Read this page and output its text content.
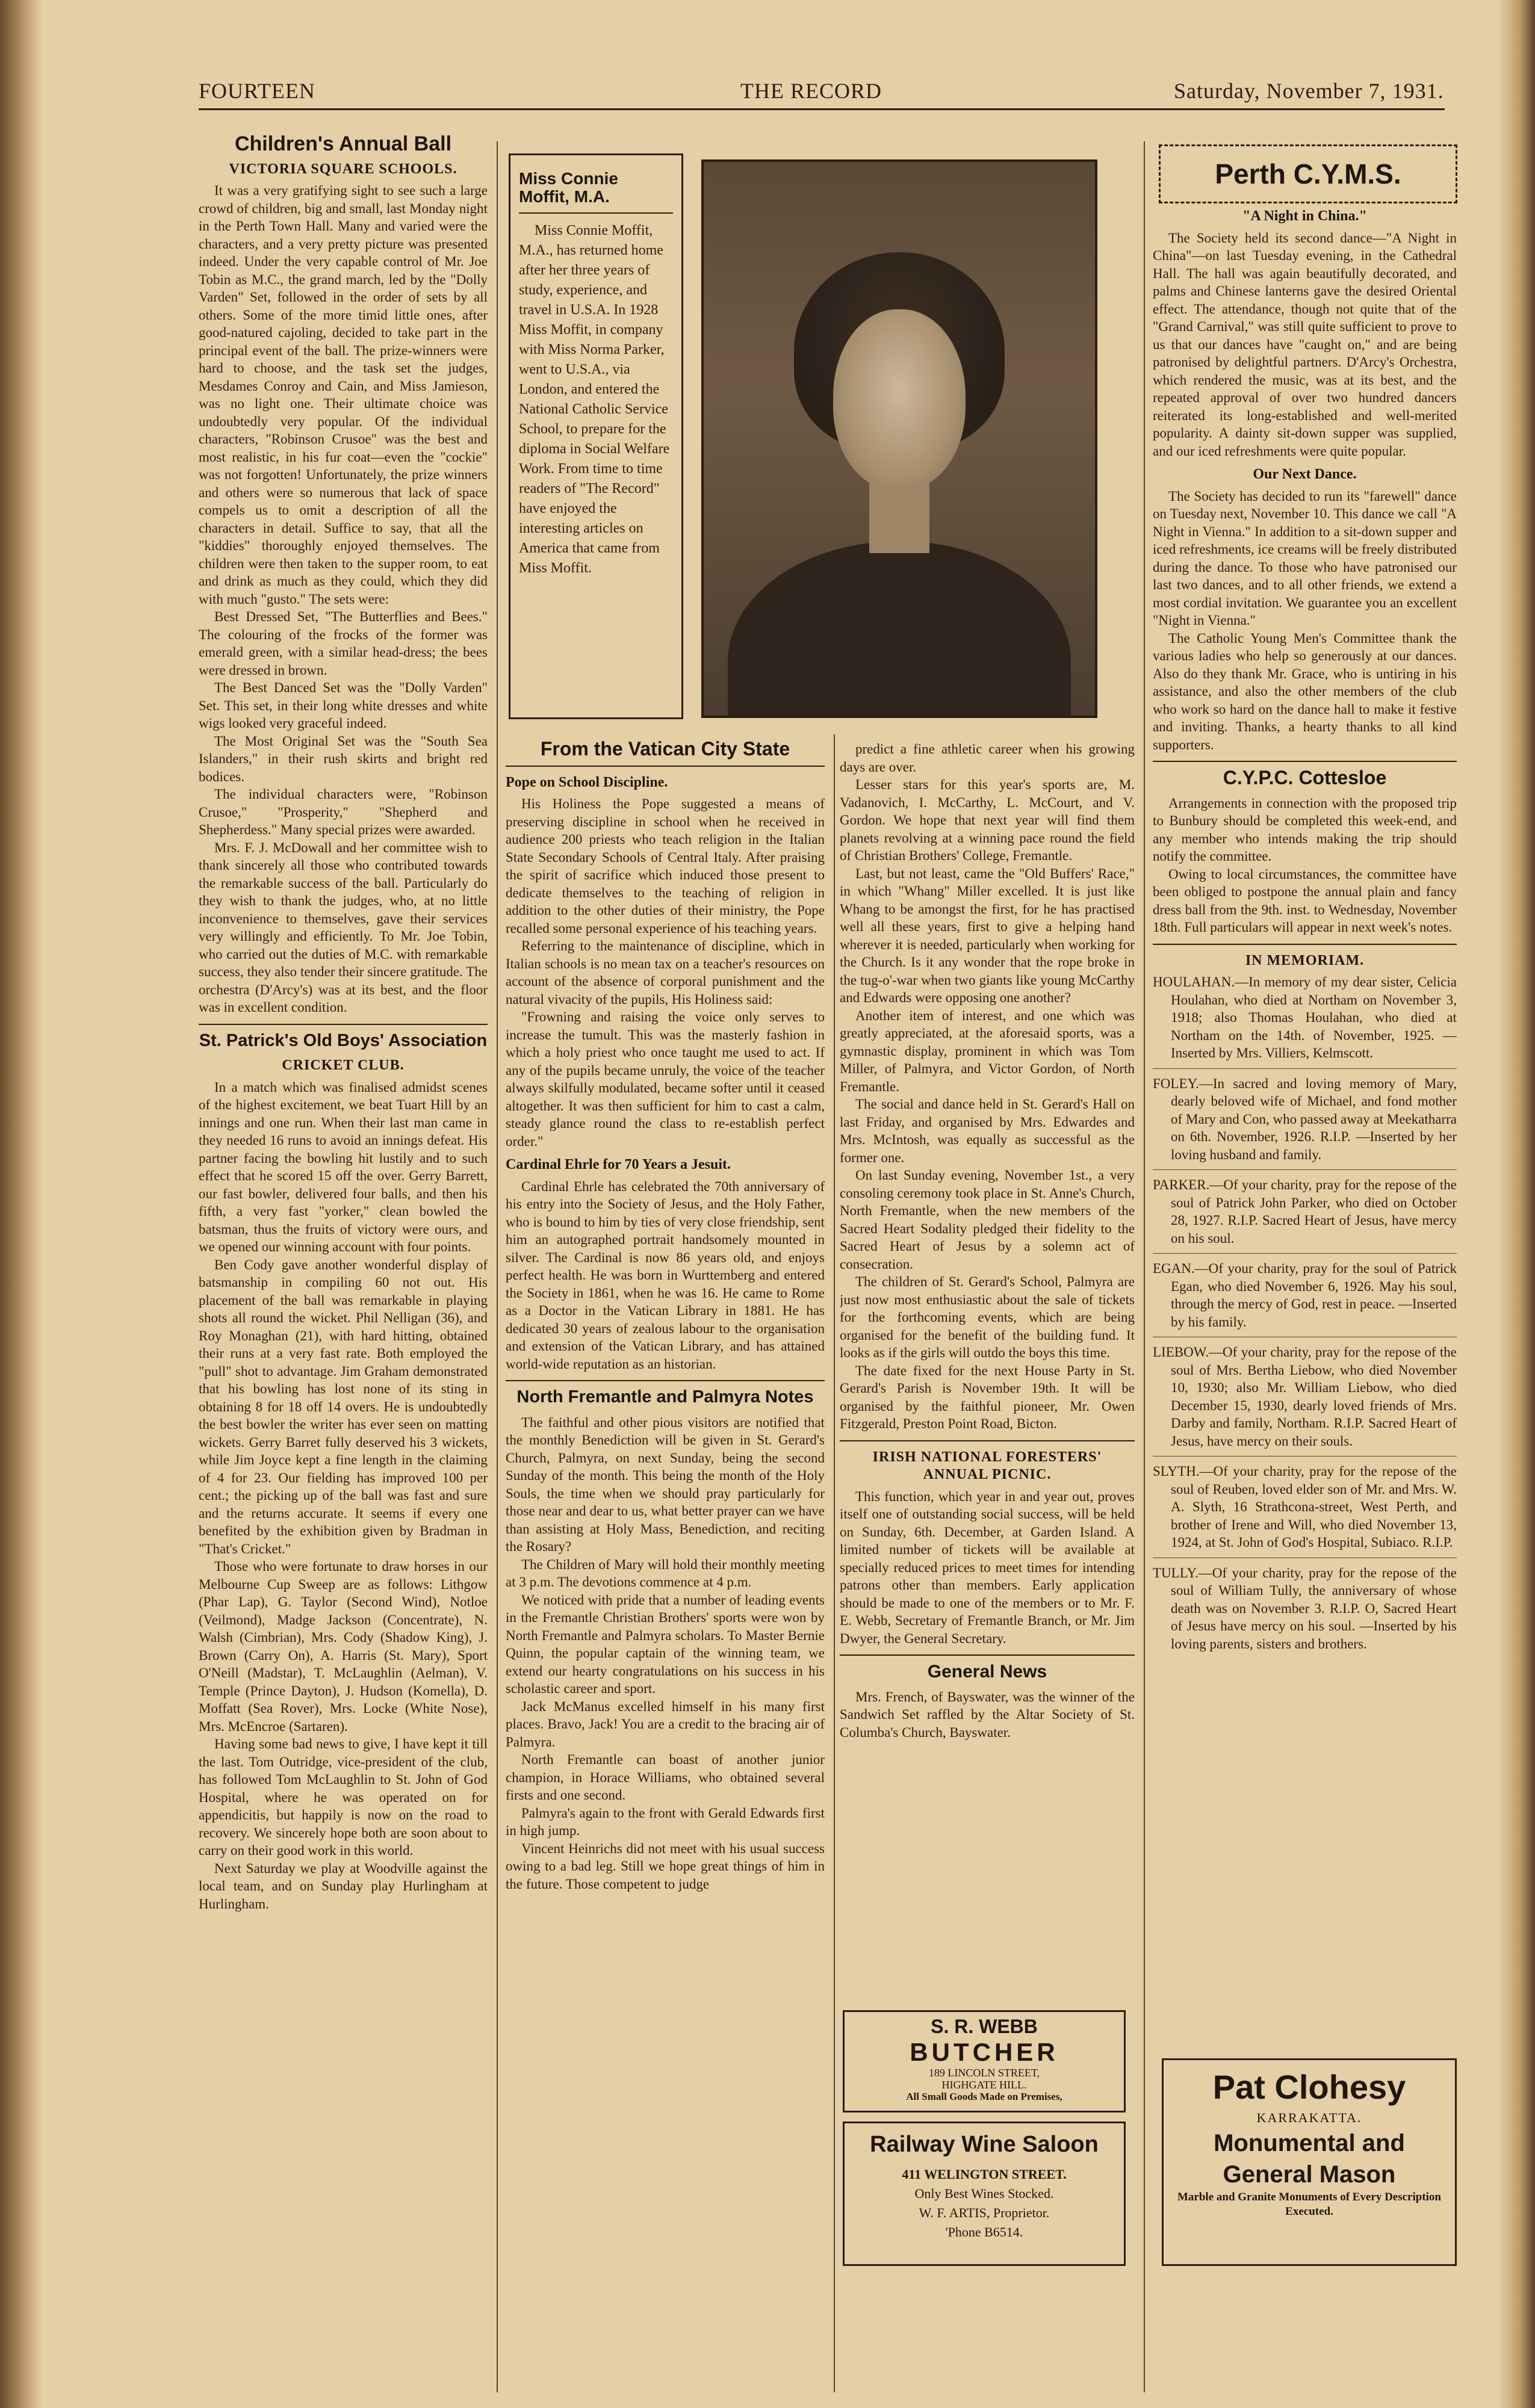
FOURTEEN	THE RECORD	Saturday, November 7, 1931.
Children's Annual Ball
VICTORIA SQUARE SCHOOLS.

It was a very gratifying sight to see such a large crowd of children, big and small, last Monday night in the Perth Town Hall. Many and varied were the characters, and a very pretty picture was presented indeed. Under the very capable control of Mr. Joe Tobin as M.C., the grand march, led by the "Dolly Varden" Set, followed in the order of sets by all others. Some of the more timid little ones, after good-natured cajoling, decided to take part in the principal event of the ball. The prize-winners were hard to choose, and the task set the judges, Mesdames Conroy and Cain, and Miss Jamieson, was no light one. Their ultimate choice was undoubtedly very popular. Of the individual characters, "Robinson Crusoe" was the best and most realistic, in his fur coat—even the "cockie" was not forgotten! Unfortunately, the prize winners and others were so numerous that lack of space compels us to omit a description of all the characters in detail. Suffice to say, that all the "kiddies" thoroughly enjoyed themselves. The children were then taken to the supper room, to eat and drink as much as they could, which they did with much "gusto." The sets were:

Best Dressed Set, "The Butterflies and Bees." The colouring of the frocks of the former was emerald green, with a similar head-dress; the bees were dressed in brown.

The Best Danced Set was the "Dolly Varden" Set. This set, in their long white dresses and white wigs looked very graceful indeed.

The Most Original Set was the "South Sea Islanders," in their rush skirts and bright red bodices.

The individual characters were, "Robinson Crusoe," "Prosperity," "Shepherd and Shepherdess." Many special prizes were awarded.

Mrs. F. J. McDowall and her committee wish to thank sincerely all those who contributed towards the remarkable success of the ball. Particularly do they wish to thank the judges, who, at no little inconvenience to themselves, gave their services very willingly and efficiently. To Mr. Joe Tobin, who carried out the duties of M.C. with remarkable success, they also tender their sincere gratitude. The orchestra (D'Arcy's) was at its best, and the floor was in excellent condition.

St. Patrick's Old Boys' Association
CRICKET CLUB.

In a match which was finalised admidst scenes of the highest excitement, we beat Tuart Hill by an innings and one run. When their last man came in they needed 16 runs to avoid an innings defeat. His partner facing the bowling hit lustily and to such effect that he scored 15 off the over. Gerry Barrett, our fast bowler, delivered four balls, and then his fifth, a very fast "yorker," clean bowled the batsman, thus the fruits of victory were ours, and we opened our winning account with four points.

Ben Cody gave another wonderful display of batsmanship in compiling 60 not out. His placement of the ball was remarkable in playing shots all round the wicket. Phil Nelligan (36), and Roy Monaghan (21), with hard hitting, obtained their runs at a very fast rate. Both employed the "pull" shot to advantage. Jim Graham demonstrated that his bowling has lost none of its sting in obtaining 8 for 18 off 14 overs. He is undoubtedly the best bowler the writer has ever seen on matting wickets. Gerry Barret fully deserved his 3 wickets, while Jim Joyce kept a fine length in the claiming of 4 for 23. Our fielding has improved 100 per cent.; the picking up of the ball was fast and sure and the returns accurate. It seems if every one benefited by the exhibition given by Bradman in "That's Cricket."

Those who were fortunate to draw horses in our Melbourne Cup Sweep are as follows: Lithgow (Phar Lap), G. Taylor (Second Wind), Notloe (Veilmond), Madge Jackson (Concentrate), N. Walsh (Cimbrian), Mrs. Cody (Shadow King), J. Brown (Carry On), A. Harris (St. Mary), Sport O'Neill (Madstar), T. McLaughlin (Aelman), V. Temple (Prince Dayton), J. Hudson (Komella), D. Moffatt (Sea Rover), Mrs. Locke (White Nose), Mrs. McEncroe (Sartaren).

Having some bad news to give, I have kept it till the last. Tom Outridge, vice-president of the club, has followed Tom McLaughlin to St. John of God Hospital, where he was operated on for appendicitis, but happily is now on the road to recovery. We sincerely hope both are soon about to carry on their good work in this world.

Next Saturday we play at Woodville against the local team, and on Sunday play Hurlingham at Hurlingham.

Miss Connie Moffit, M.A.

Miss Connie Moffit, M.A., has returned home after her three years of study, experience, and travel in U.S.A. In 1928 Miss Moffit, in company with Miss Norma Parker, went to U.S.A., via London, and entered the National Catholic Service School, to prepare for the diploma in Social Welfare Work. From time to time readers of "The Record" have enjoyed the interesting articles on America that came from Miss Moffit.

From the Vatican City State
Pope on School Discipline.

His Holiness the Pope suggested a means of preserving discipline in school when he received in audience 200 priests who teach religion in the Italian State Secondary Schools of Central Italy. After praising the spirit of sacrifice which induced those present to dedicate themselves to the teaching of religion in addition to the other duties of their ministry, the Pope recalled some personal experience of his teaching years.

Referring to the maintenance of discipline, which in Italian schools is no mean tax on a teacher's resources on account of the absence of corporal punishment and the natural vivacity of the pupils, His Holiness said:

"Frowning and raising the voice only serves to increase the tumult. This was the masterly fashion in which a holy priest who once taught me used to act. If any of the pupils became unruly, the voice of the teacher always skilfully modulated, became softer until it ceased altogether. It was then sufficient for him to cast a calm, steady glance round the class to re-establish perfect order."

Cardinal Ehrle for 70 Years a Jesuit.

Cardinal Ehrle has celebrated the 70th anniversary of his entry into the Society of Jesus, and the Holy Father, who is bound to him by ties of very close friendship, sent him an autographed portrait handsomely mounted in silver. The Cardinal is now 86 years old, and enjoys perfect health. He was born in Wurttemberg and entered the Society in 1861, when he was 16. He came to Rome as a Doctor in the Vatican Library in 1881. He has dedicated 30 years of zealous labour to the organisation and extension of the Vatican Library, and has attained world-wide reputation as an historian.

North Fremantle and Palmyra Notes

The faithful and other pious visitors are notified that the monthly Benediction will be given in St. Gerard's Church, Palmyra, on next Sunday, being the second Sunday of the month. This being the month of the Holy Souls, the time when we should pray particularly for those near and dear to us, what better prayer can we have than assisting at Holy Mass, Benediction, and reciting the Rosary?

The Children of Mary will hold their monthly meeting at 3 p.m. The devotions commence at 4 p.m.

We noticed with pride that a number of leading events in the Fremantle Christian Brothers' sports were won by North Fremantle and Palmyra scholars. To Master Bernie Quinn, the popular captain of the winning team, we extend our hearty congratulations on his success in his scholastic career and sport.

Jack McManus excelled himself in his many first places. Bravo, Jack! You are a credit to the bracing air of Palmyra.

North Fremantle can boast of another junior champion, in Horace Williams, who obtained several firsts and one second.

Palmyra's again to the front with Gerald Edwards first in high jump.

Vincent Heinrichs did not meet with his usual success owing to a bad leg. Still we hope great things of him in the future. Those competent to judge

predict a fine athletic career when his growing days are over.

Lesser stars for this year's sports are, M. Vadanovich, I. McCarthy, L. McCourt, and V. Gordon. We hope that next year will find them planets revolving at a winning pace round the field of Christian Brothers' College, Fremantle.

Last, but not least, came the "Old Buffers' Race," in which "Whang" Miller excelled. It is just like Whang to be amongst the first, for he has practised well all these years, first to give a helping hand wherever it is needed, particularly when working for the Church. Is it any wonder that the rope broke in the tug-o'-war when two giants like young McCarthy and Edwards were opposing one another?

Another item of interest, and one which was greatly appreciated, at the aforesaid sports, was a gymnastic display, prominent in which was Tom Miller, of Palmyra, and Victor Gordon, of North Fremantle.

The social and dance held in St. Gerard's Hall on last Friday, and organised by Mrs. Edwardes and Mrs. McIntosh, was equally as successful as the former one.

On last Sunday evening, November 1st., a very consoling ceremony took place in St. Anne's Church, North Fremantle, when the new members of the Sacred Heart Sodality pledged their fidelity to the Sacred Heart of Jesus by a solemn act of consecration.

The children of St. Gerard's School, Palmyra are just now most enthusiastic about the sale of tickets for the forthcoming events, which are being organised for the benefit of the building fund. It looks as if the girls will outdo the boys this time.

The date fixed for the next House Party in St. Gerard's Parish is November 19th. It will be organised by the faithful pioneer, Mr. Owen Fitzgerald, Preston Point Road, Bicton.

IRISH NATIONAL FORESTERS' ANNUAL PICNIC.

This function, which year in and year out, proves itself one of outstanding social success, will be held on Sunday, 6th. December, at Garden Island. A limited number of tickets will be available at specially reduced prices to meet times for intending patrons other than members. Early application should be made to one of the members or to Mr. F. E. Webb, Secretary of Fremantle Branch, or Mr. Jim Dwyer, the General Secretary.

General News

Mrs. French, of Bayswater, was the winner of the Sandwich Set raffled by the Altar Society of St. Columba's Church, Bayswater.

S. R. WEBB
BUTCHER
189 LINCOLN STREET,
HIGHGATE HILL.
All Small Goods Made on Premises,
Railway Wine Saloon
411 WELINGTON STREET.
Only Best Wines Stocked.
W. F. ARTIS, Proprietor.
'Phone B6514.
Perth C.Y.M.S.
"A Night in China."

The Society held its second dance—"A Night in China"—on last Tuesday evening, in the Cathedral Hall. The hall was again beautifully decorated, and palms and Chinese lanterns gave the desired Oriental effect. The attendance, though not quite that of the "Grand Carnival," was still quite sufficient to prove to us that our dances have "caught on," and are being patronised by delightful partners. D'Arcy's Orchestra, which rendered the music, was at its best, and the repeated approval of over two hundred dancers reiterated its long-established and well-merited popularity. A dainty sit-down supper was supplied, and our iced refreshments were quite popular.

Our Next Dance.

The Society has decided to run its "farewell" dance on Tuesday next, November 10. This dance we call "A Night in Vienna." In addition to a sit-down supper and iced refreshments, ice creams will be freely distributed during the dance. To those who have patronised our last two dances, and to all other friends, we extend a most cordial invitation. We guarantee you an excellent "Night in Vienna."

The Catholic Young Men's Committee thank the various ladies who help so generously at our dances. Also do they thank Mr. Grace, who is untiring in his assistance, and also the other members of the club who work so hard on the dance hall to make it festive and inviting. Thanks, a hearty thanks to all kind supporters.

C.Y.P.C. Cottesloe

Arrangements in connection with the proposed trip to Bunbury should be completed this week-end, and any member who intends making the trip should notify the committee.

Owing to local circumstances, the committee have been obliged to postpone the annual plain and fancy dress ball from the 9th. inst. to Wednesday, November 18th. Full particulars will appear in next week's notes.

IN MEMORIAM.

HOULAHAN.—In memory of my dear sister, Celicia Houlahan, who died at Northam on November 3, 1918; also Thomas Houlahan, who died at Northam on the 14th. of November, 1925. —Inserted by Mrs. Villiers, Kelmscott.

FOLEY.—In sacred and loving memory of Mary, dearly beloved wife of Michael, and fond mother of Mary and Con, who passed away at Meekatharra on 6th. November, 1926. R.I.P. —Inserted by her loving husband and family.

PARKER.—Of your charity, pray for the repose of the soul of Patrick John Parker, who died on October 28, 1927. R.I.P. Sacred Heart of Jesus, have mercy on his soul.

EGAN.—Of your charity, pray for the soul of Patrick Egan, who died November 6, 1926. May his soul, through the mercy of God, rest in peace. —Inserted by his family.

LIEBOW.—Of your charity, pray for the repose of the soul of Mrs. Bertha Liebow, who died November 10, 1930; also Mr. William Liebow, who died December 15, 1930, dearly loved friends of Mrs. Darby and family, Northam. R.I.P. Sacred Heart of Jesus, have mercy on their souls.

SLYTH.—Of your charity, pray for the repose of the soul of Reuben, loved elder son of Mr. and Mrs. W. A. Slyth, 16 Strathcona-street, West Perth, and brother of Irene and Will, who died November 13, 1924, at St. John of God's Hospital, Subiaco. R.I.P.

TULLY.—Of your charity, pray for the repose of the soul of William Tully, the anniversary of whose death was on November 3. R.I.P. O, Sacred Heart of Jesus have mercy on his soul. —Inserted by his loving parents, sisters and brothers.

Pat Clohesy
KARRAKATTA.
Monumental and
General Mason
Marble and Granite Monuments of Every Description Executed.
